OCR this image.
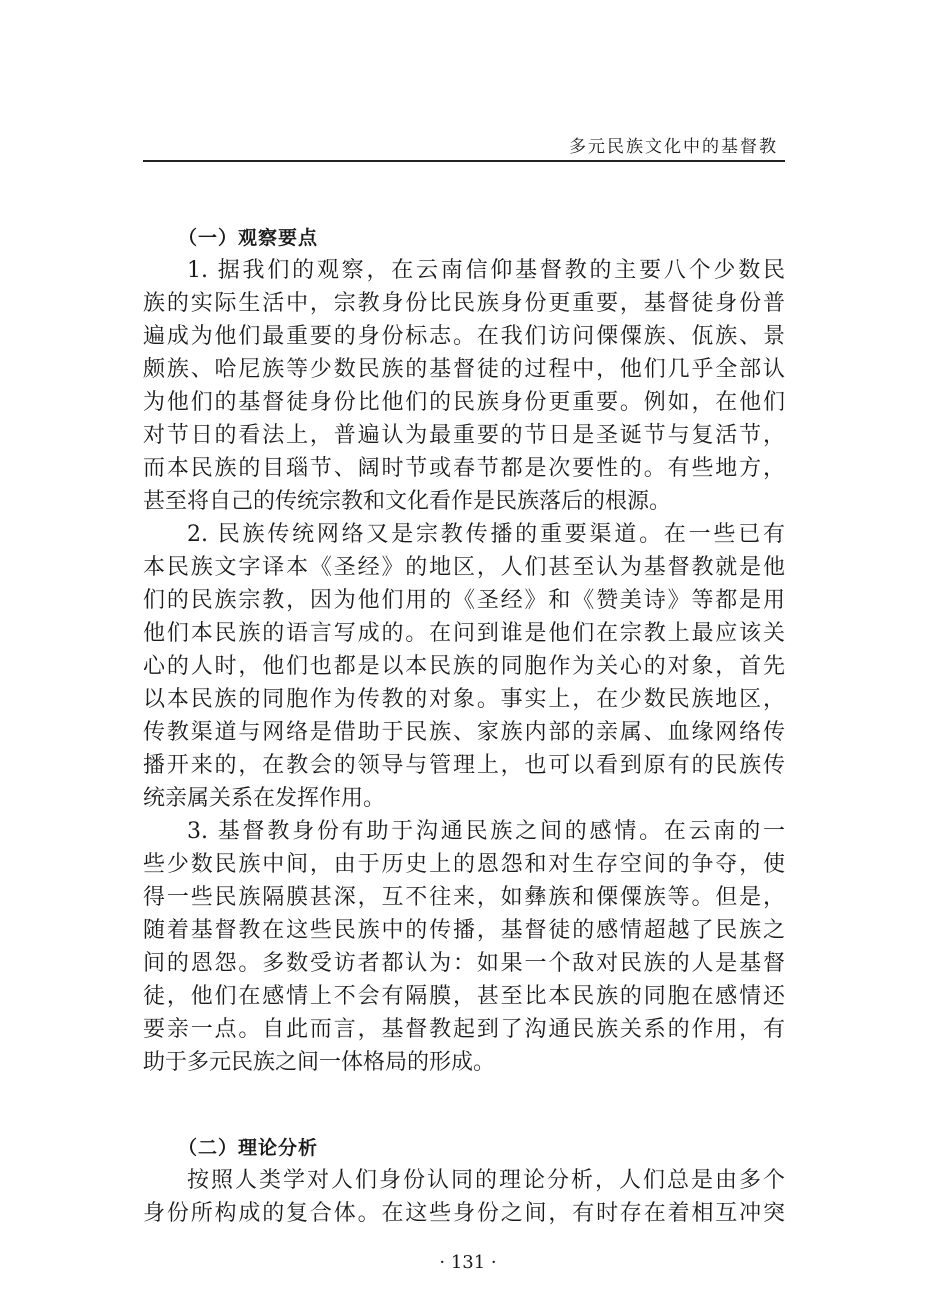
多元民族文化中的基督教
（一）观察要点
1. 据我们的观察，在云南信仰基督教的主要八个少数民
族的实际生活中，宗教身份比民族身份更重要，基督徒身份普
遍成为他们最重要的身份标志。在我们访问傈僳族、佤族、景
颇族、哈尼族等少数民族的基督徒的过程中，他们几乎全部认
为他们的基督徒身份比他们的民族身份更重要。例如，在他们
对节日的看法上，普遍认为最重要的节日是圣诞节与复活节，
而本民族的目瑙节、阔时节或春节都是次要性的。有些地方，
甚至将自己的传统宗教和文化看作是民族落后的根源。
2. 民族传统网络又是宗教传播的重要渠道。在一些已有
本民族文字译本《圣经》的地区，人们甚至认为基督教就是他
们的民族宗教，因为他们用的《圣经》和《赞美诗》等都是用
他们本民族的语言写成的。在问到谁是他们在宗教上最应该关
心的人时，他们也都是以本民族的同胞作为关心的对象，首先
以本民族的同胞作为传教的对象。事实上，在少数民族地区，
传教渠道与网络是借助于民族、家族内部的亲属、血缘网络传
播开来的，在教会的领导与管理上，也可以看到原有的民族传
统亲属关系在发挥作用。
3. 基督教身份有助于沟通民族之间的感情。在云南的一
些少数民族中间，由于历史上的恩怨和对生存空间的争夺，使
得一些民族隔膜甚深，互不往来，如彝族和傈僳族等。但是，
随着基督教在这些民族中的传播，基督徒的感情超越了民族之
间的恩怨。多数受访者都认为：如果一个敌对民族的人是基督
徒，他们在感情上不会有隔膜，甚至比本民族的同胞在感情还
要亲一点。自此而言，基督教起到了沟通民族关系的作用，有
助于多元民族之间一体格局的形成。
（二）理论分析
按照人类学对人们身份认同的理论分析，人们总是由多个
身份所构成的复合体。在这些身份之间，有时存在着相互冲突
· 131 ·
